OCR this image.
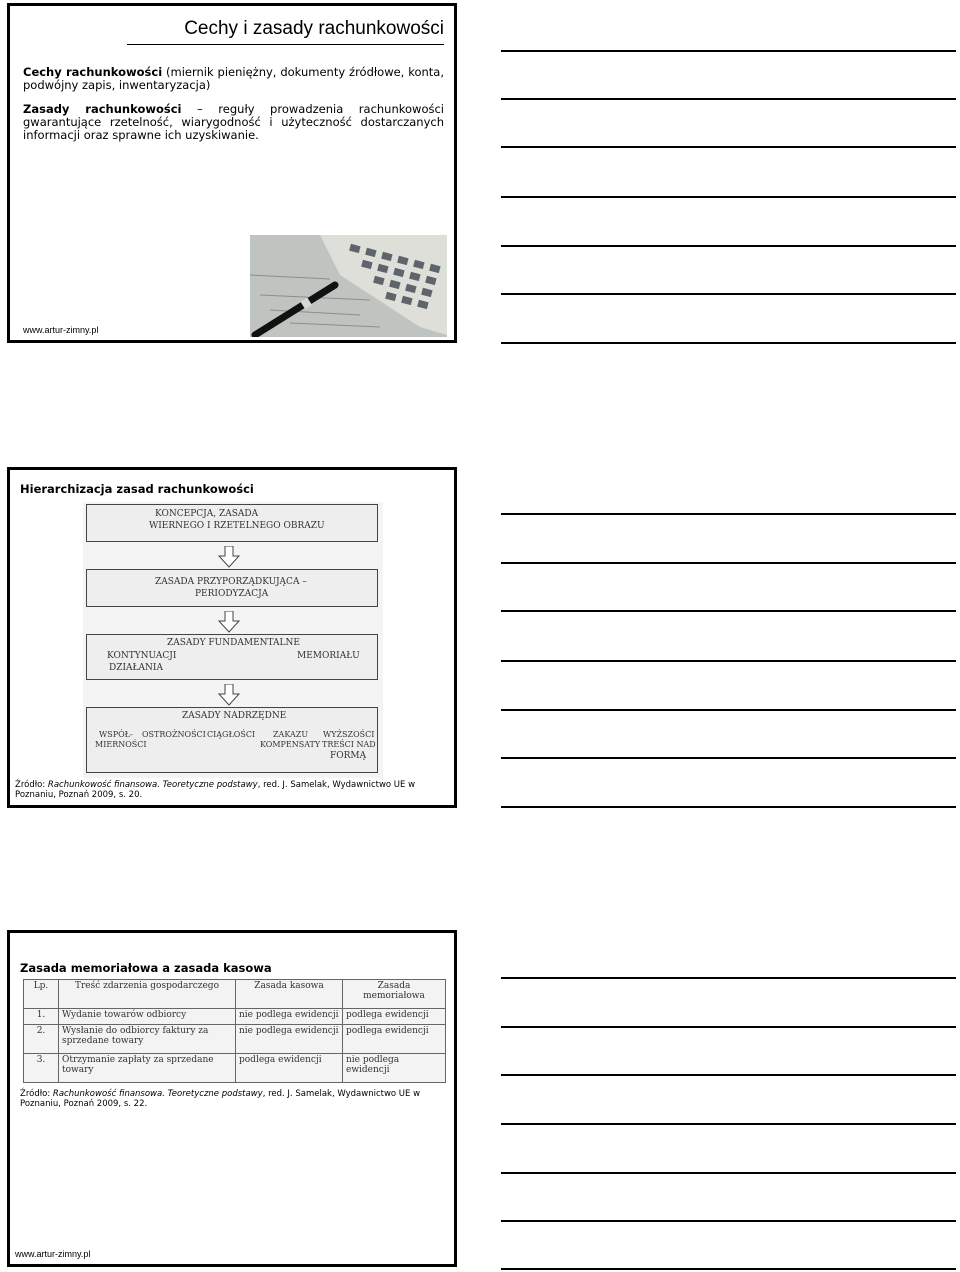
Cechy i zasady rachunkowości
Cechy rachunkowości (miernik pieniężny, dokumenty źródłowe, konta, podwójny zapis, inwentaryzacja)
Zasady rachunkowości – reguły prowadzenia rachunkowości gwarantujące rzetelność, wiarygodność i użyteczność dostarczanych informacji oraz sprawne ich uzyskiwanie.
www.artur-zimny.pl
Hierarchizacja zasad rachunkowości
KONCEPCJA, ZASADA
WIERNEGO I RZETELNEGO OBRAZU
ZASADA PRZYPORZĄDKUJĄCA –
PERIODYZACJA
ZASADY FUNDAMENTALNE
KONTYNUACJI
DZIAŁANIA
MEMORIAŁU
ZASADY NADRZĘDNE
WSPÓŁ-
MIERNOŚCI
OSTROŻNOŚCI CIĄGŁOŚCI ZAKAZU
KOMPENSATY
WYŻSZOŚCI
TREŚCI NAD
FORMĄ
Źródło: Rachunkowość finansowa. Teoretyczne podstawy, red. J. Samelak, Wydawnictwo UE w Poznaniu, Poznań 2009, s. 20.
Zasada memoriałowa a zasada kasowa
Lp.	Treść zdarzenia gospodarczego	Zasada kasowa	Zasada memoriałowa
1.	Wydanie towarów odbiorcy	nie podlega ewidencji	podlega ewidencji
2.	Wysłanie do odbiorcy faktury za sprzedane towary	nie podlega ewidencji	podlega ewidencji
3.	Otrzymanie zapłaty za sprzedane towary	podlega ewidencji	nie podlega ewidencji
Źródło: Rachunkowość finansowa. Teoretyczne podstawy, red. J. Samelak, Wydawnictwo UE w Poznaniu, Poznań 2009, s. 22.
www.artur-zimny.pl
